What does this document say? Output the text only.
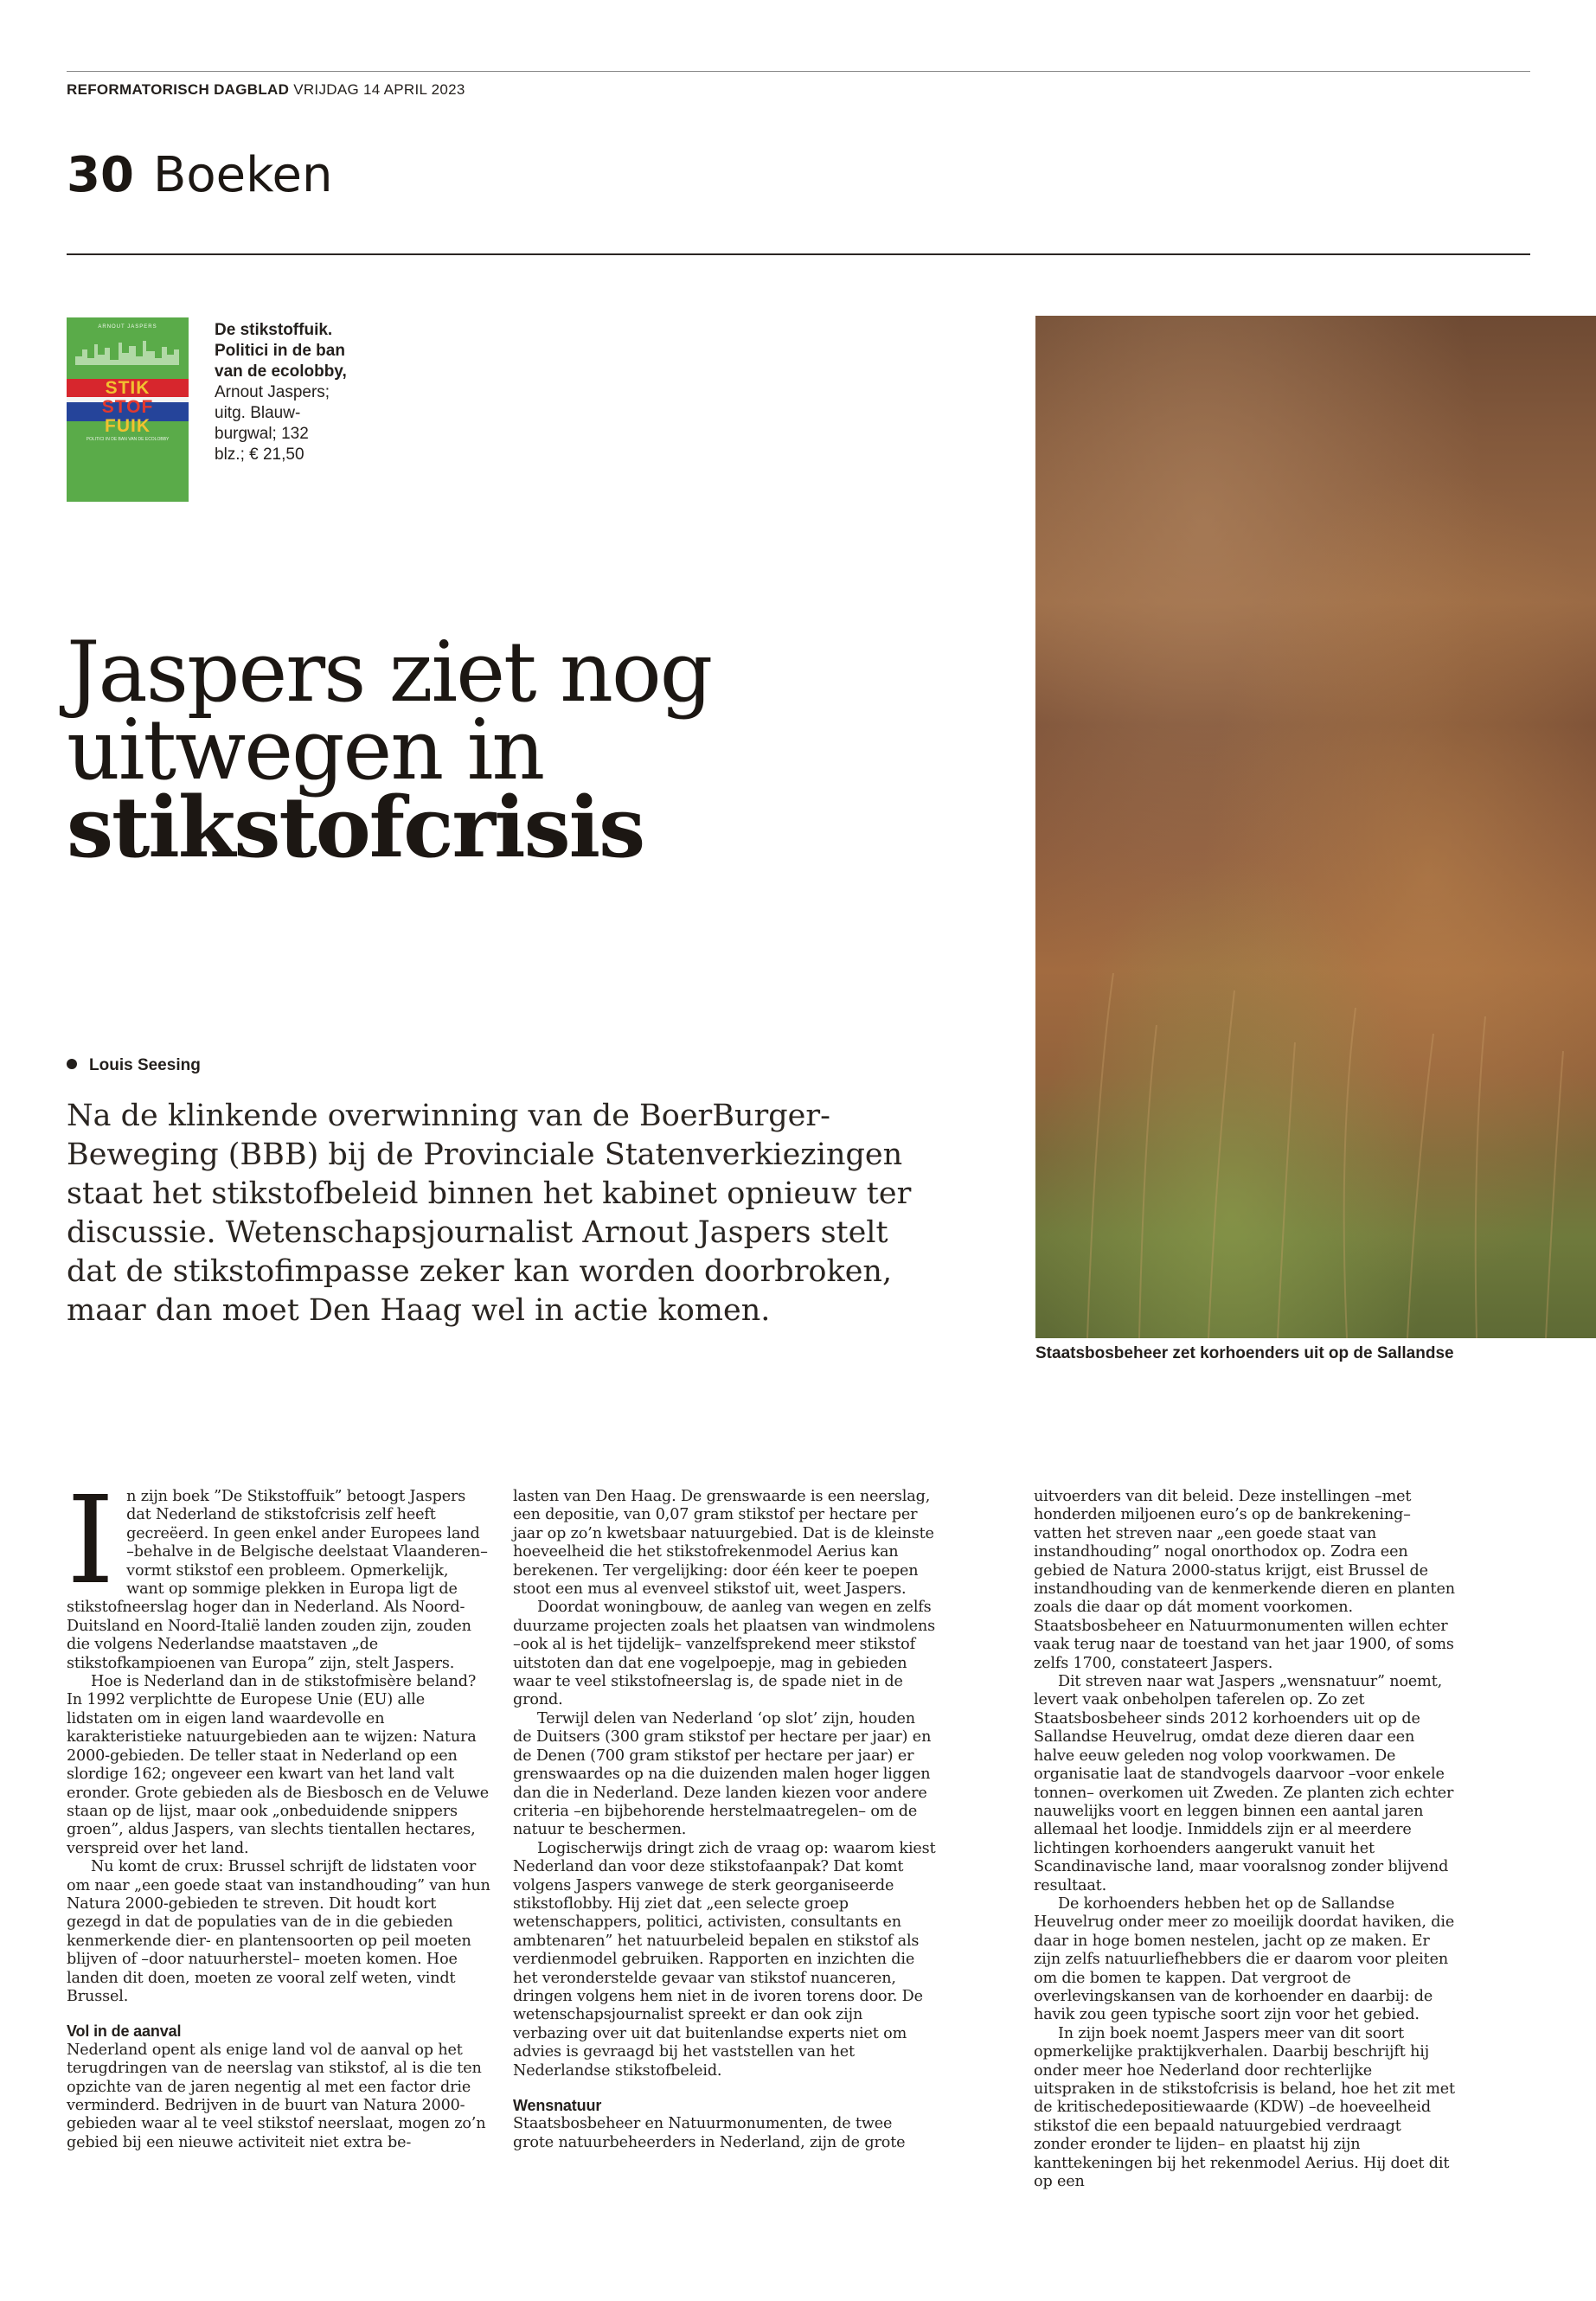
REFORMATORISCH DAGBLAD VRIJDAG 14 APRIL 2023
30 Boeken
ARNOUT JASPERS
STIK
STOF
FUIK
POLITICI IN DE BAN VAN DE ECOLOBBY
De stikstoffuik. Politici in de ban van de ecolobby,
Arnout Jaspers;
uitg. Blauw-burgwal; 132
blz.; € 21,50
Jaspers ziet nog
uitwegen in
stikstofcrisis
Louis Seesing
Na de klinkende overwinning van de BoerBurger-Beweging (BBB) bij de Provinciale Statenverkiezingen staat het stikstofbeleid binnen het kabinet opnieuw ter discussie. Wetenschapsjournalist Arnout Jaspers stelt dat de stikstofimpasse zeker kan worden doorbroken, maar dan moet Den Haag wel in actie komen.
Staatsbosbeheer zet korhoenders uit op de Sallandse
I n zijn boek ”De Stikstoffuik” betoogt Jaspers dat Nederland de stikstofcrisis zelf heeft gecreëerd. In geen enkel ander Europees land –behalve in de Belgische deelstaat Vlaanderen– vormt stikstof een probleem. Opmerkelijk, want op sommige plekken in Europa ligt de stikstofneerslag hoger dan in Nederland. Als Noord-Duitsland en Noord-Italië landen zouden zijn, zouden die volgens Nederlandse maatstaven „de stikstofkampioenen van Europa” zijn, stelt Jaspers.

Hoe is Nederland dan in de stikstofmisère beland? In 1992 verplichtte de Europese Unie (EU) alle lidstaten om in eigen land waardevolle en karakteristieke natuurgebieden aan te wijzen: Natura 2000-gebieden. De teller staat in Nederland op een slordige 162; ongeveer een kwart van het land valt eronder. Grote gebieden als de Biesbosch en de Veluwe staan op de lijst, maar ook „onbeduidende snippers groen”, aldus Jaspers, van slechts tientallen hectares, verspreid over het land.

Nu komt de crux: Brussel schrijft de lidstaten voor om naar „een goede staat van instandhouding” van hun Natura 2000-gebieden te streven. Dit houdt kort gezegd in dat de populaties van de in die gebieden kenmerkende dier- en plantensoorten op peil moeten blijven of –door natuurherstel– moeten komen. Hoe landen dit doen, moeten ze vooral zelf weten, vindt Brussel.

Vol in de aanval

Nederland opent als enige land vol de aanval op het terugdringen van de neerslag van stikstof, al is die ten opzichte van de jaren negentig al met een factor drie verminderd. Bedrijven in de buurt van Natura 2000-gebieden waar al te veel stikstof neerslaat, mogen zo’n gebied bij een nieuwe activiteit niet extra be-

lasten van Den Haag. De grenswaarde is een neerslag, een depositie, van 0,07 gram stikstof per hectare per jaar op zo’n kwetsbaar natuurgebied. Dat is de kleinste hoeveelheid die het stikstofrekenmodel Aerius kan berekenen. Ter vergelijking: door één keer te poepen stoot een mus al evenveel stikstof uit, weet Jaspers.

Doordat woningbouw, de aanleg van wegen en zelfs duurzame projecten zoals het plaatsen van windmolens –ook al is het tijdelijk– vanzelfsprekend meer stikstof uitstoten dan dat ene vogelpoepje, mag in gebieden waar te veel stikstofneerslag is, de spade niet in de grond.

Terwijl delen van Nederland ‘op slot’ zijn, houden de Duitsers (300 gram stikstof per hectare per jaar) en de Denen (700 gram stikstof per hectare per jaar) er grenswaardes op na die duizenden malen hoger liggen dan die in Nederland. Deze landen kiezen voor andere criteria –en bijbehorende herstelmaatregelen– om de natuur te beschermen.

Logischerwijs dringt zich de vraag op: waarom kiest Nederland dan voor deze stikstofaanpak? Dat komt volgens Jaspers vanwege de sterk georganiseerde stikstoflobby. Hij ziet dat „een selecte groep wetenschappers, politici, activisten, consultants en ambtenaren” het natuurbeleid bepalen en stikstof als verdienmodel gebruiken. Rapporten en inzichten die het veronderstelde gevaar van stikstof nuanceren, dringen volgens hem niet in de ivoren torens door. De wetenschapsjournalist spreekt er dan ook zijn verbazing over uit dat buitenlandse experts niet om advies is gevraagd bij het vaststellen van het Nederlandse stikstofbeleid.

Wensnatuur

Staatsbosbeheer en Natuurmonumenten, de twee grote natuurbeheerders in Nederland, zijn de grote

uitvoerders van dit beleid. Deze instellingen –met honderden miljoenen euro’s op de bankrekening– vatten het streven naar „een goede staat van instandhouding” nogal onorthodox op. Zodra een gebied de Natura 2000-status krijgt, eist Brussel de instandhouding van de kenmerkende dieren en planten zoals die daar op dát moment voorkomen. Staatsbosbeheer en Natuurmonumenten willen echter vaak terug naar de toestand van het jaar 1900, of soms zelfs 1700, constateert Jaspers.

Dit streven naar wat Jaspers „wensnatuur” noemt, levert vaak onbeholpen taferelen op. Zo zet Staatsbosbeheer sinds 2012 korhoenders uit op de Sallandse Heuvelrug, omdat deze dieren daar een halve eeuw geleden nog volop voorkwamen. De organisatie laat de standvogels daarvoor –voor enkele tonnen– overkomen uit Zweden. Ze planten zich echter nauwelijks voort en leggen binnen een aantal jaren allemaal het loodje. Inmiddels zijn er al meerdere lichtingen korhoenders aangerukt vanuit het Scandinavische land, maar vooralsnog zonder blijvend resultaat.

De korhoenders hebben het op de Sallandse Heuvelrug onder meer zo moeilijk doordat haviken, die daar in hoge bomen nestelen, jacht op ze maken. Er zijn zelfs natuurliefhebbers die er daarom voor pleiten om die bomen te kappen. Dat vergroot de overlevingskansen van de korhoender en daarbij: de havik zou geen typische soort zijn voor het gebied.

In zijn boek noemt Jaspers meer van dit soort opmerkelijke praktijkverhalen. Daarbij beschrijft hij onder meer hoe Nederland door rechterlijke uitspraken in de stikstofcrisis is beland, hoe het zit met de kritischedepositiewaarde (KDW) –de hoeveelheid stikstof die een bepaald natuurgebied verdraagt zonder eronder te lijden– en plaatst hij zijn kanttekeningen bij het rekenmodel Aerius. Hij doet dit op een
